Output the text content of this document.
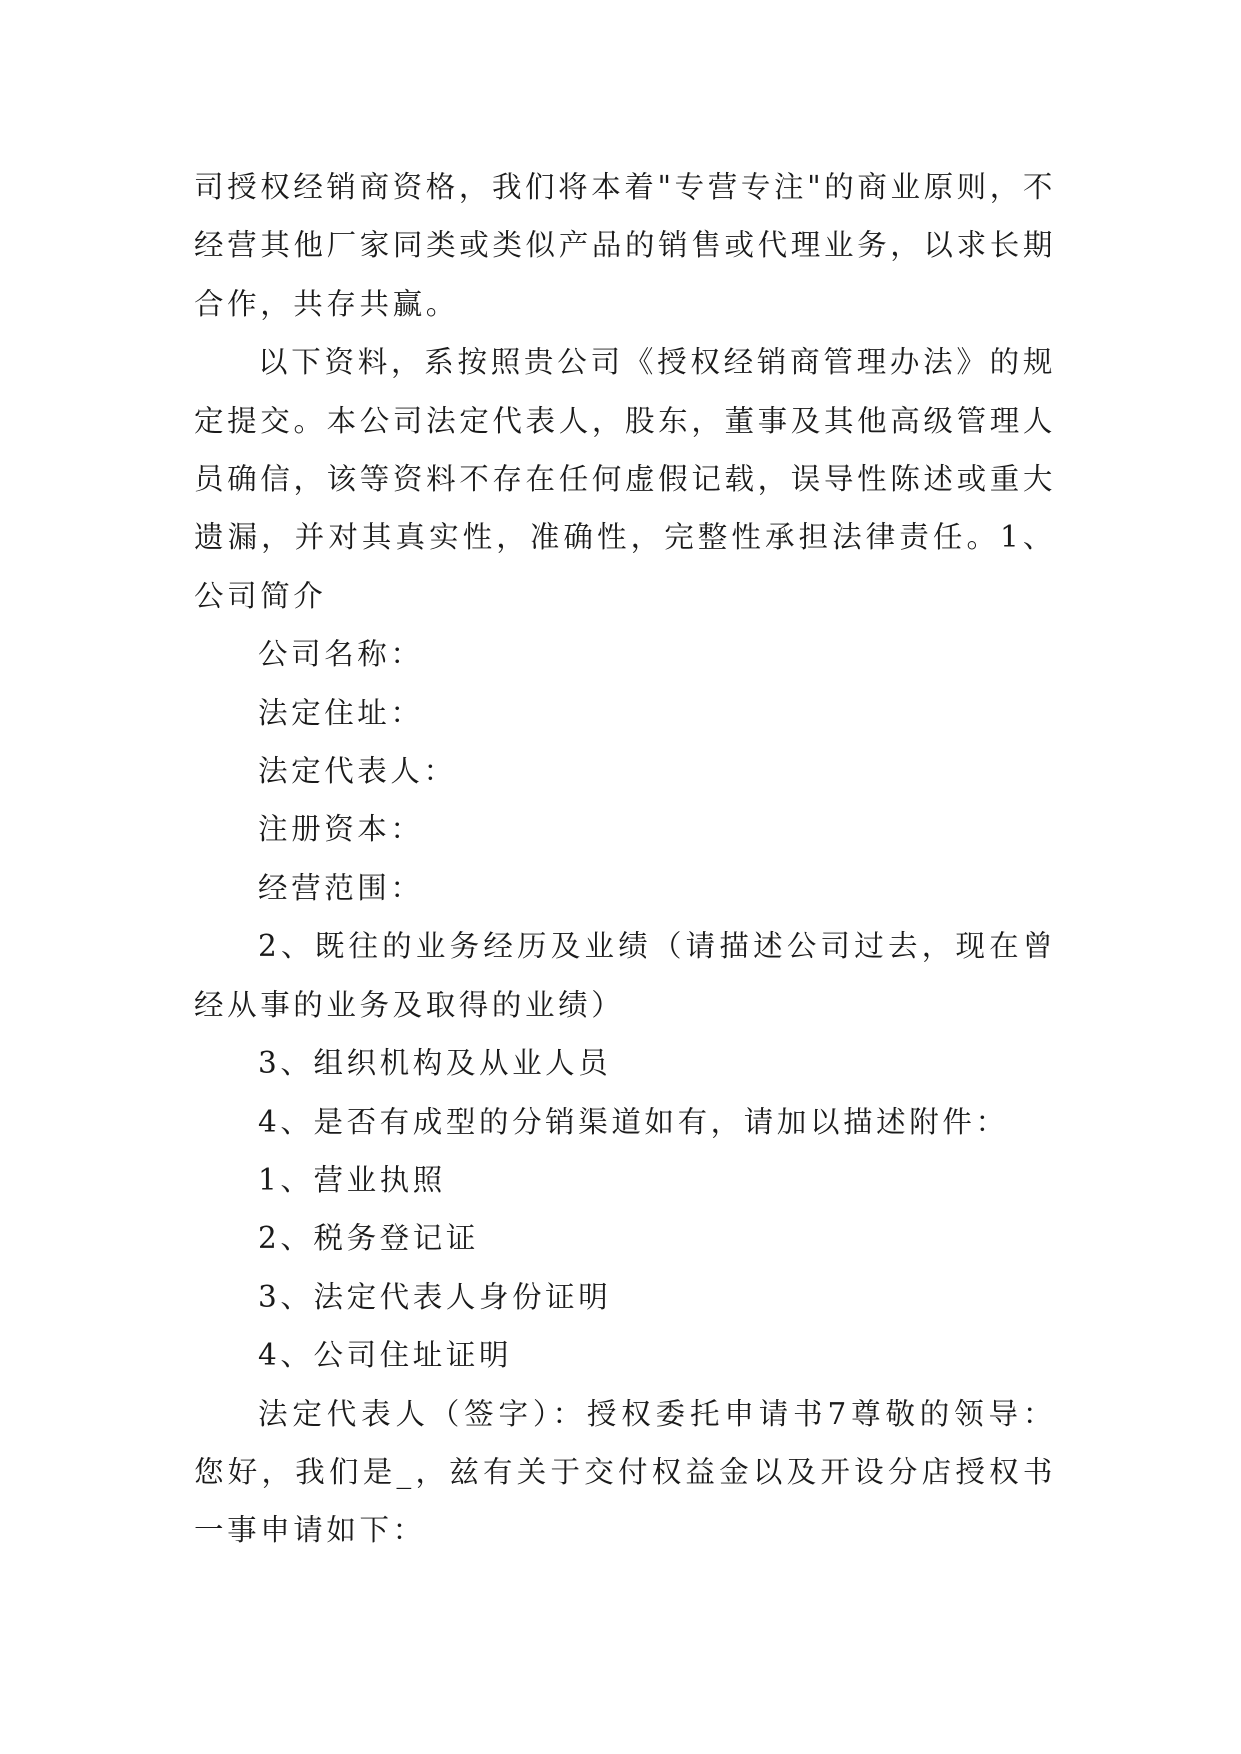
司授权经销商资格，我们将本着"专营专注"的商业原则，不经营其他厂家同类或类似产品的销售或代理业务，以求长期合作，共存共赢。

以下资料，系按照贵公司《授权经销商管理办法》的规定提交。本公司法定代表人，股东，董事及其他高级管理人员确信，该等资料不存在任何虚假记载，误导性陈述或重大遗漏，并对其真实性，准确性，完整性承担法律责任。1、公司简介

公司名称：

法定住址：

法定代表人：

注册资本：

经营范围：

2、既往的业务经历及业绩（请描述公司过去，现在曾经从事的业务及取得的业绩）

3、组织机构及从业人员

4、是否有成型的分销渠道如有，请加以描述附件：

1、营业执照

2、税务登记证

3、法定代表人身份证明

4、公司住址证明

法定代表人（签字）：授权委托申请书7尊敬的领导：您好，我们是_，兹有关于交付权益金以及开设分店授权书一事申请如下：
